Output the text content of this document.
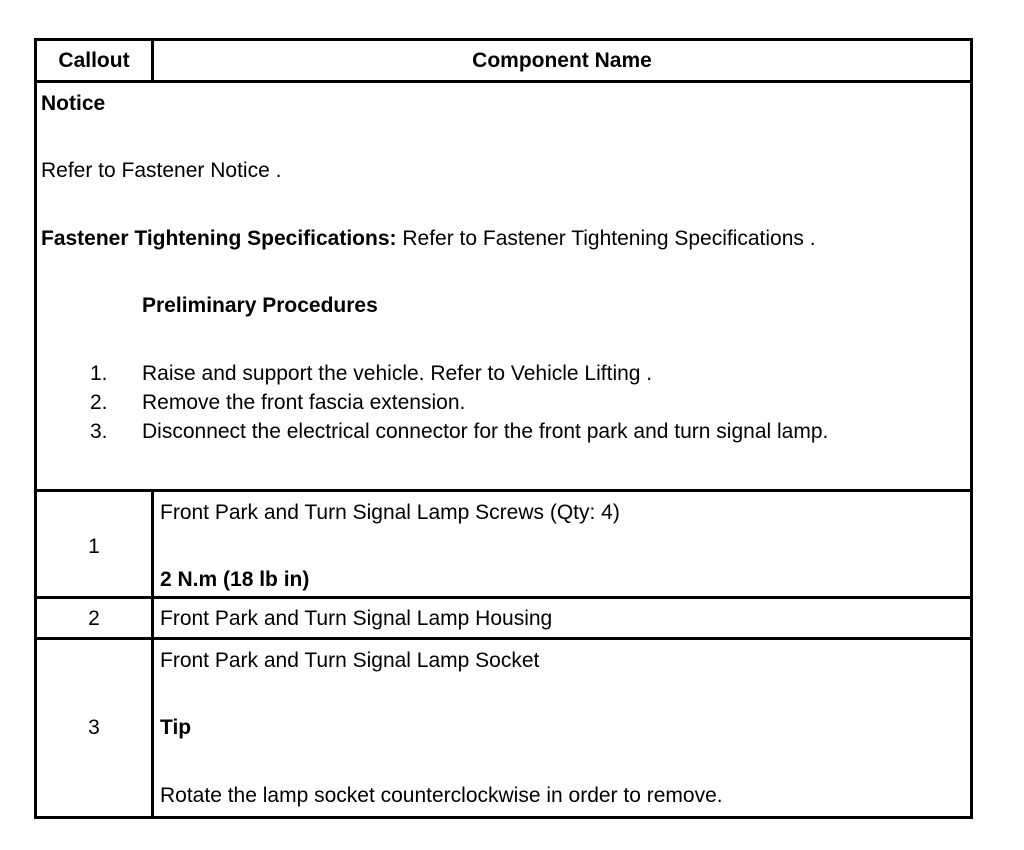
Callout	Component Name
Notice
Refer to Fastener Notice .
Fastener Tightening Specifications: Refer to Fastener Tightening Specifications .
Preliminary Procedures
1. Raise and support the vehicle. Refer to Vehicle Lifting .
2. Remove the front fascia extension.
3. Disconnect the electrical connector for the front park and turn signal lamp.
1
Front Park and Turn Signal Lamp Screws (Qty: 4)
2 N.m (18 lb in)
2	Front Park and Turn Signal Lamp Housing
3
Front Park and Turn Signal Lamp Socket
Tip
Rotate the lamp socket counterclockwise in order to remove.
